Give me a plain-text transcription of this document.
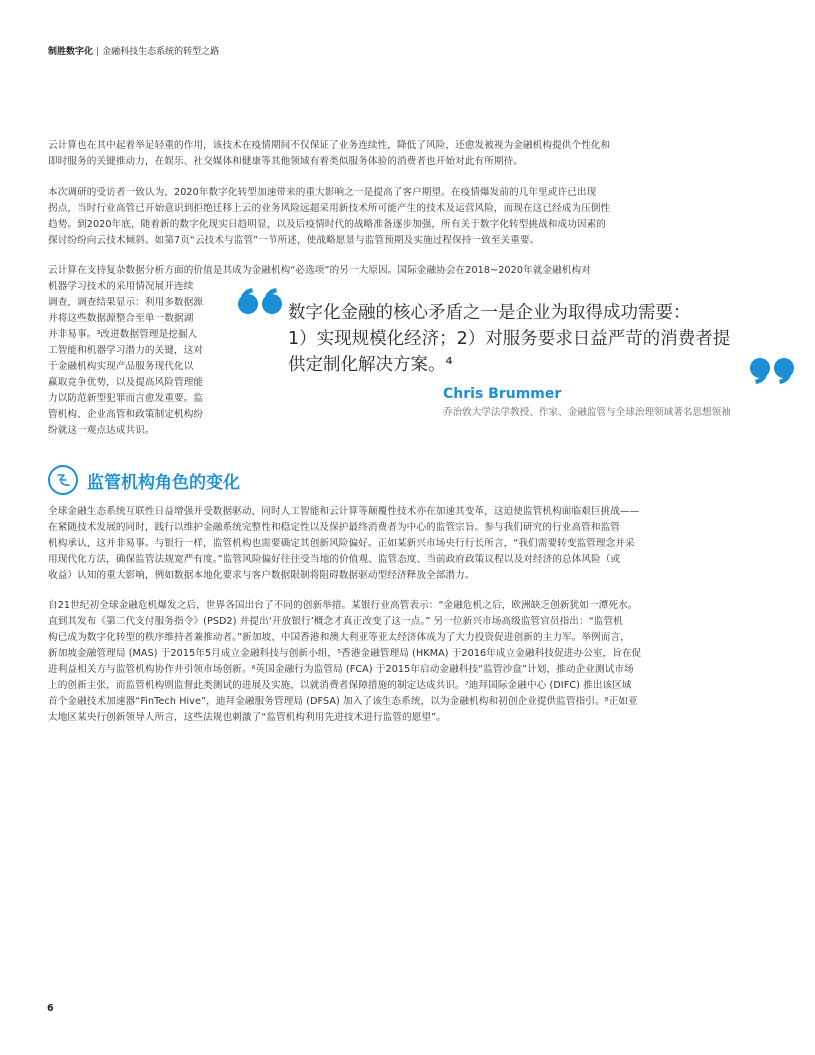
制胜数字化 | 金融科技生态系统的转型之路

云计算也在其中起着举足轻重的作用，该技术在疫情期间不仅保证了业务连续性，降低了风险，还愈发被视为金融机构提供个性化和
即时服务的关键推动力，在娱乐、社交媒体和健康等其他领域有着类似服务体验的消费者也开始对此有所期待。

本次调研的受访者一致认为，2020年数字化转型加速带来的重大影响之一是提高了客户期望。在疫情爆发前的几年里或许已出现
拐点，当时行业高管已开始意识到拒绝迁移上云的业务风险远超采用新技术所可能产生的技术及运营风险，而现在这已经成为压倒性
趋势。到2020年底，随着新的数字化现实日趋明显，以及后疫情时代的战略准备逐步加强，所有关于数字化转型挑战和成功因素的
探讨纷纷向云技术倾斜。如第7页“云技术与监管”一节所述，使战略愿景与监管预期及实施过程保持一致至关重要。

云计算在支持复杂数据分析方面的价值是其成为金融机构“必选项”的另一大原因。国际金融协会在2018~2020年就金融机构对

机器学习技术的采用情况展开连续
调查，调查结果显示：利用多数据源
并将这些数据源整合至单一数据湖
并非易事。³改进数据管理是挖掘人
工智能和机器学习潜力的关键，这对
于金融机构实现产品服务现代化以
赢取竞争优势，以及提高风险管理能
力以防范新型犯罪而言愈发重要。监
管机构、企业高管和政策制定机构纷
纷就这一观点达成共识。

数字化金融的核心矛盾之一是企业为取得成功需要：
1）实现规模化经济；2）对服务要求日益严苛的消费者提
供定制化解决方案。⁴
Chris Brummer
乔治敦大学法学教授、作家、金融监管与全球治理领域著名思想领袖
监管机构角色的变化

全球金融生态系统互联性日益增强并受数据驱动，同时人工智能和云计算等颠覆性技术亦在加速其变革，这迫使监管机构面临艰巨挑战——
在紧随技术发展的同时，践行以维护金融系统完整性和稳定性以及保护最终消费者为中心的监管宗旨。参与我们研究的行业高管和监管
机构承认，这并非易事。与银行一样，监管机构也需要确定其创新风险偏好。正如某新兴市场央行行长所言，“我们需要转变监管理念并采
用现代化方法，确保监管法规宽严有度。”监管风险偏好往往受当地的价值观、监管态度、当前政府政策议程以及对经济的总体风险（或
收益）认知的重大影响，例如数据本地化要求与客户数据限制将阻碍数据驱动型经济释放全部潜力。

自21世纪初全球金融危机爆发之后，世界各国出台了不同的创新举措。某银行业高管表示：“金融危机之后，欧洲缺乏创新犹如一潭死水。
直到其发布《第二代支付服务指令》(PSD2) 并提出‘开放银行’概念才真正改变了这一点。” 另一位新兴市场高级监管官员指出：“监管机
构已成为数字化转型的秩序维持者兼推动者。”新加坡、中国香港和澳大利亚等亚太经济体成为了大力投资促进创新的主力军。举例而言，
新加坡金融管理局 (MAS) 于2015年5月成立金融科技与创新小组，⁵香港金融管理局 (HKMA) 于2016年成立金融科技促进办公室，旨在促
进利益相关方与监管机构协作并引领市场创新。⁶英国金融行为监管局 (FCA) 于2015年启动金融科技“监管沙盒”计划，推动企业测试市场
上的创新主张，而监管机构则监督此类测试的进展及实施，以就消费者保障措施的制定达成共识。⁷迪拜国际金融中心 (DIFC) 推出该区域
首个金融技术加速器“FinTech Hive”，迪拜金融服务管理局 (DFSA) 加入了该生态系统，以为金融机构和初创企业提供监管指引。⁸正如亚
太地区某央行创新领导人所言，这些法规也刺激了“监管机构利用先进技术进行监管的愿望”。

6
